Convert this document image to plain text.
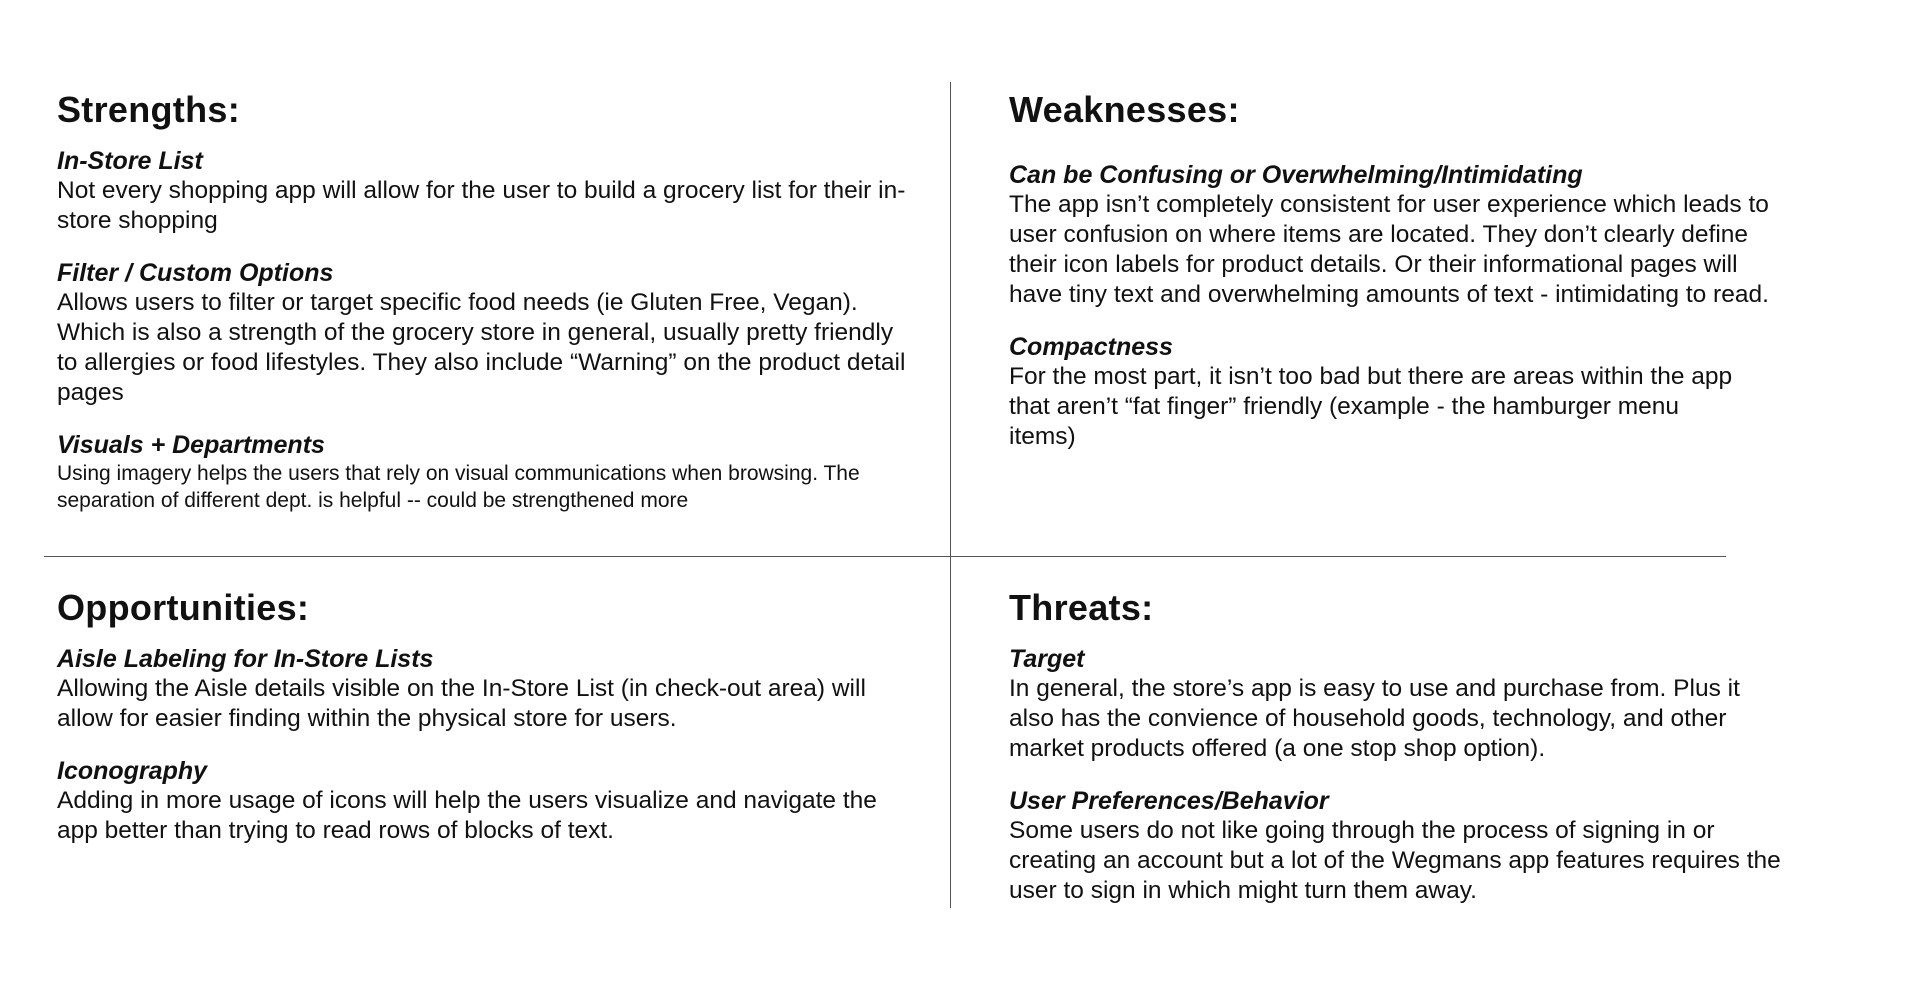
Strengths:
In-Store List
Not every shopping app will allow for the user to build a grocery list for their in-store shopping
Filter / Custom Options
Allows users to filter or target specific food needs (ie Gluten Free, Vegan). Which is also a strength of the grocery store in general, usually pretty friendly to allergies or food lifestyles. They also include “Warning” on the product detail pages
Visuals + Departments
Using imagery helps the users that rely on visual communications when browsing. The separation of different dept. is helpful -- could be strengthened more
Weaknesses:
Can be Confusing or Overwhelming/Intimidating
The app isn’t completely consistent for user experience which leads to user confusion on where items are located. They don’t clearly define their icon labels for product details. Or their informational pages will have tiny text and overwhelming amounts of text - intimidating to read.
Compactness
For the most part, it isn’t too bad but there are areas within the app that aren’t “fat finger” friendly (example - the hamburger menu items)
Opportunities:
Aisle Labeling for In-Store Lists
Allowing the Aisle details visible on the In-Store List (in check-out area) will allow for easier finding within the physical store for users.
Iconography
Adding in more usage of icons will help the users visualize and navigate the app better than trying to read rows of blocks of text.
Threats:
Target
In general, the store’s app is easy to use and purchase from. Plus it also has the convience of household goods, technology, and other market products offered (a one stop shop option).
User Preferences/Behavior
Some users do not like going through the process of signing in or creating an account but a lot of the Wegmans app features requires the user to sign in which might turn them away.
